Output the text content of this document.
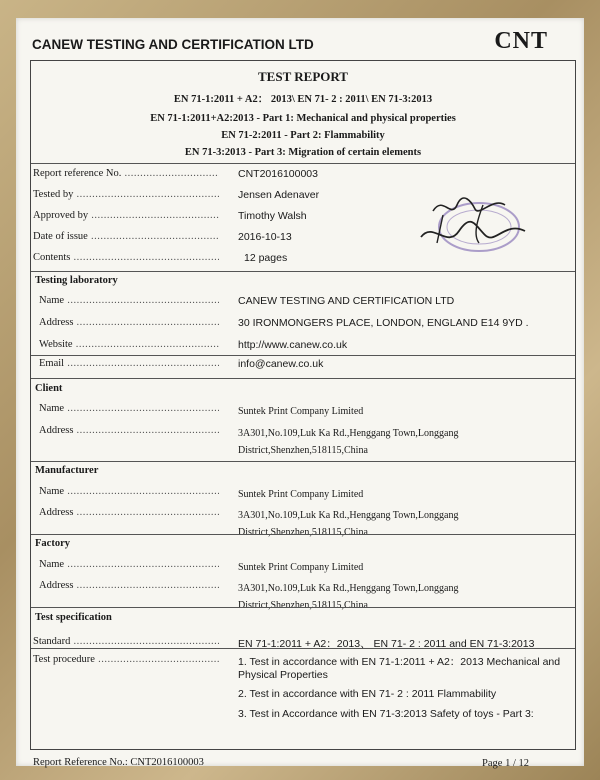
CANEW TESTING AND CERTIFICATION LTD	CNT
TEST REPORT
EN 71-1:2011 + A2： 2013\ EN 71- 2 : 2011\ EN 71-3:2013
EN 71-1:2011+A2:2013 - Part 1: Mechanical and physical properties
EN 71-2:2011 - Part 2: Flammability
EN 71-3:2013 - Part 3: Migration of certain elements
Report reference No. .....	CNT2016100003
Tested by .....	Jensen Adenaver
Approved by .....	Timothy Walsh
Date of issue .....	2016-10-13
Contents .....	12 pages
Testing laboratory
Name .....	CANEW TESTING AND CERTIFICATION LTD
Address .....	30 IRONMONGERS PLACE, LONDON, ENGLAND E14 9YD .
Website .....	http://www.canew.co.uk
Email .....	info@canew.co.uk
Client
Name .....	Suntek Print Company Limited
Address .....	3A301,No.109,Luk Ka Rd.,Henggang Town,Longgang
District,Shenzhen,518115,China
Manufacturer
Name .....	Suntek Print Company Limited
Address .....	3A301,No.109,Luk Ka Rd.,Henggang Town,Longgang
District,Shenzhen,518115,China
Factory
Name .....	Suntek Print Company Limited
Address .....	3A301,No.109,Luk Ka Rd.,Henggang Town,Longgang
District,Shenzhen,518115,China
Test specification
Standard .....	EN 71-1:2011 + A2：2013、 EN 71- 2 : 2011 and EN 71-3:2013
Test procedure .....	1. Test in accordance with EN 71-1:2011 + A2：2013 Mechanical and
Physical Properties
2. Test in accordance with EN 71- 2 : 2011 Flammability
3. Test in Accordance with EN 71-3:2013 Safety of toys - Part 3:
Report Reference No.: CNT2016100003	Page 1 / 12
